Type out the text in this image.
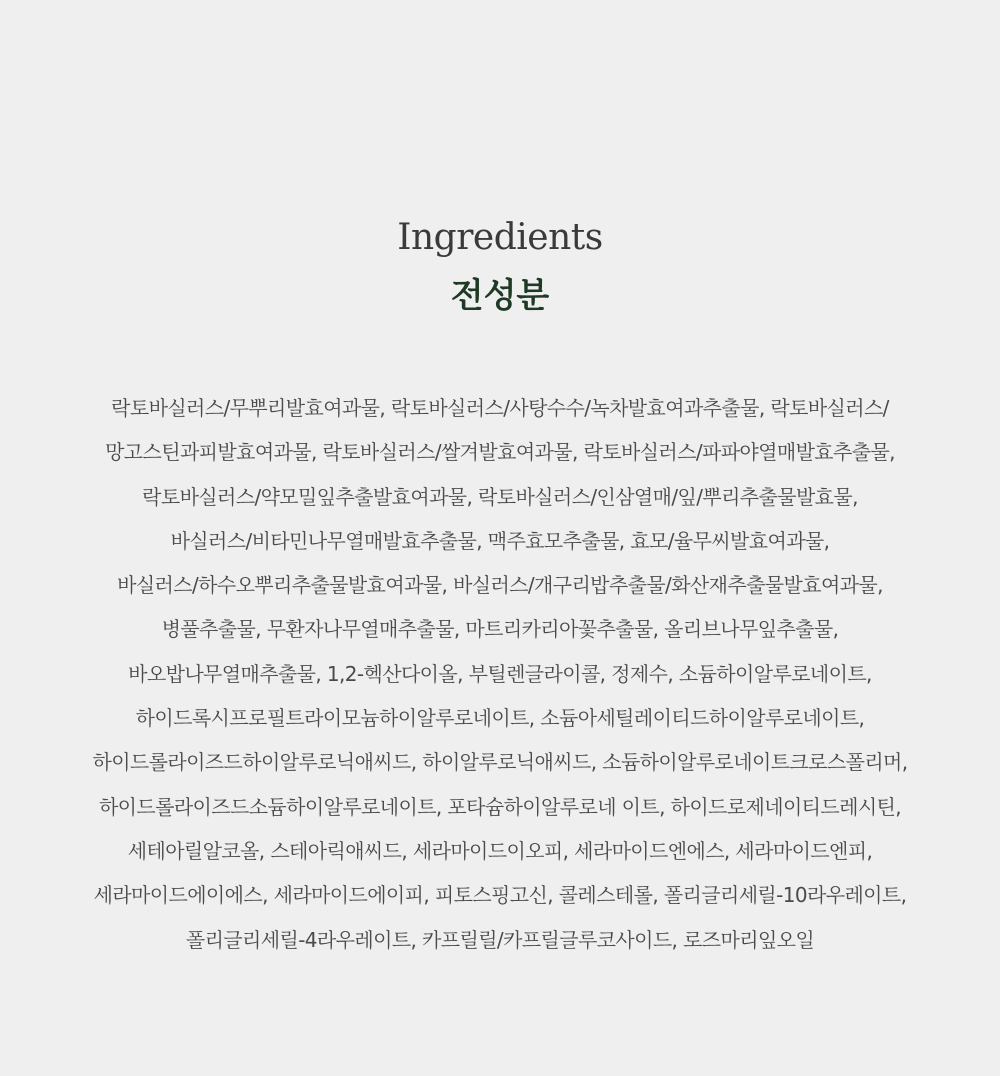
Ingredients
전성분
락토바실러스/무뿌리발효여과물, 락토바실러스/사탕수수/녹차발효여과추출물, 락토바실러스/
망고스틴과피발효여과물, 락토바실러스/쌀겨발효여과물, 락토바실러스/파파야열매발효추출물,
락토바실러스/약모밀잎추출발효여과물, 락토바실러스/인삼열매/잎/뿌리추출물발효물,
바실러스/비타민나무열매발효추출물, 맥주효모추출물, 효모/율무씨발효여과물,
바실러스/하수오뿌리추출물발효여과물, 바실러스/개구리밥추출물/화산재추출물발효여과물,
병풀추출물, 무환자나무열매추출물, 마트리카리아꽃추출물, 올리브나무잎추출물,
바오밥나무열매추출물, 1,2-헥산다이올, 부틸렌글라이콜, 정제수, 소듐하이알루로네이트,
하이드록시프로필트라이모늄하이알루로네이트, 소듐아세틸레이티드하이알루로네이트,
하이드롤라이즈드하이알루로닉애씨드, 하이알루로닉애씨드, 소듐하이알루로네이트크로스폴리머,
하이드롤라이즈드소듐하이알루로네이트, 포타슘하이알루로네 이트, 하이드로제네이티드레시틴,
세테아릴알코올, 스테아릭애씨드, 세라마이드이오피, 세라마이드엔에스, 세라마이드엔피,
세라마이드에이에스, 세라마이드에이피, 피토스핑고신, 콜레스테롤, 폴리글리세릴-10라우레이트,
폴리글리세릴-4라우레이트, 카프릴릴/카프릴글루코사이드, 로즈마리잎오일
